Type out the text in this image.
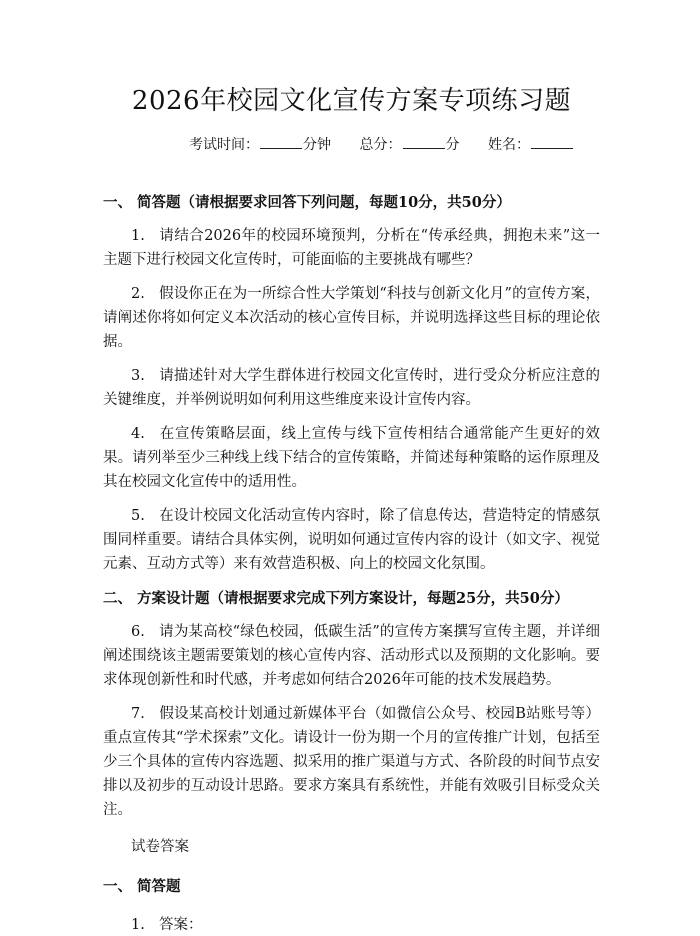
2026年校园文化宣传方案专项练习题
考试时间：	分钟 总分：	分 姓名：

一、 简答题（请根据要求回答下列问题，每题10分，共50分）

1. 请结合2026年的校园环境预判，分析在“传承经典，拥抱未来”这一主题下进行校园文化宣传时，可能面临的主要挑战有哪些？

2. 假设你正在为一所综合性大学策划“科技与创新文化月”的宣传方案，请阐述你将如何定义本次活动的核心宣传目标，并说明选择这些目标的理论依据。

3. 请描述针对大学生群体进行校园文化宣传时，进行受众分析应注意的关键维度，并举例说明如何利用这些维度来设计宣传内容。

4. 在宣传策略层面，线上宣传与线下宣传相结合通常能产生更好的效果。请列举至少三种线上线下结合的宣传策略，并简述每种策略的运作原理及其在校园文化宣传中的适用性。

5. 在设计校园文化活动宣传内容时，除了信息传达，营造特定的情感氛围同样重要。请结合具体实例，说明如何通过宣传内容的设计（如文字、视觉元素、互动方式等）来有效营造积极、向上的校园文化氛围。

二、 方案设计题（请根据要求完成下列方案设计，每题25分，共50分）

6. 请为某高校“绿色校园，低碳生活”的宣传方案撰写宣传主题，并详细阐述围绕该主题需要策划的核心宣传内容、活动形式以及预期的文化影响。要求体现创新性和时代感，并考虑如何结合2026年可能的技术发展趋势。

7. 假设某高校计划通过新媒体平台（如微信公众号、校园B站账号等）重点宣传其“学术探索”文化。请设计一份为期一个月的宣传推广计划，包括至少三个具体的宣传内容选题、拟采用的推广渠道与方式、各阶段的时间节点安排以及初步的互动设计思路。要求方案具有系统性，并能有效吸引目标受众关注。

试卷答案

一、 简答题

1. 答案：
